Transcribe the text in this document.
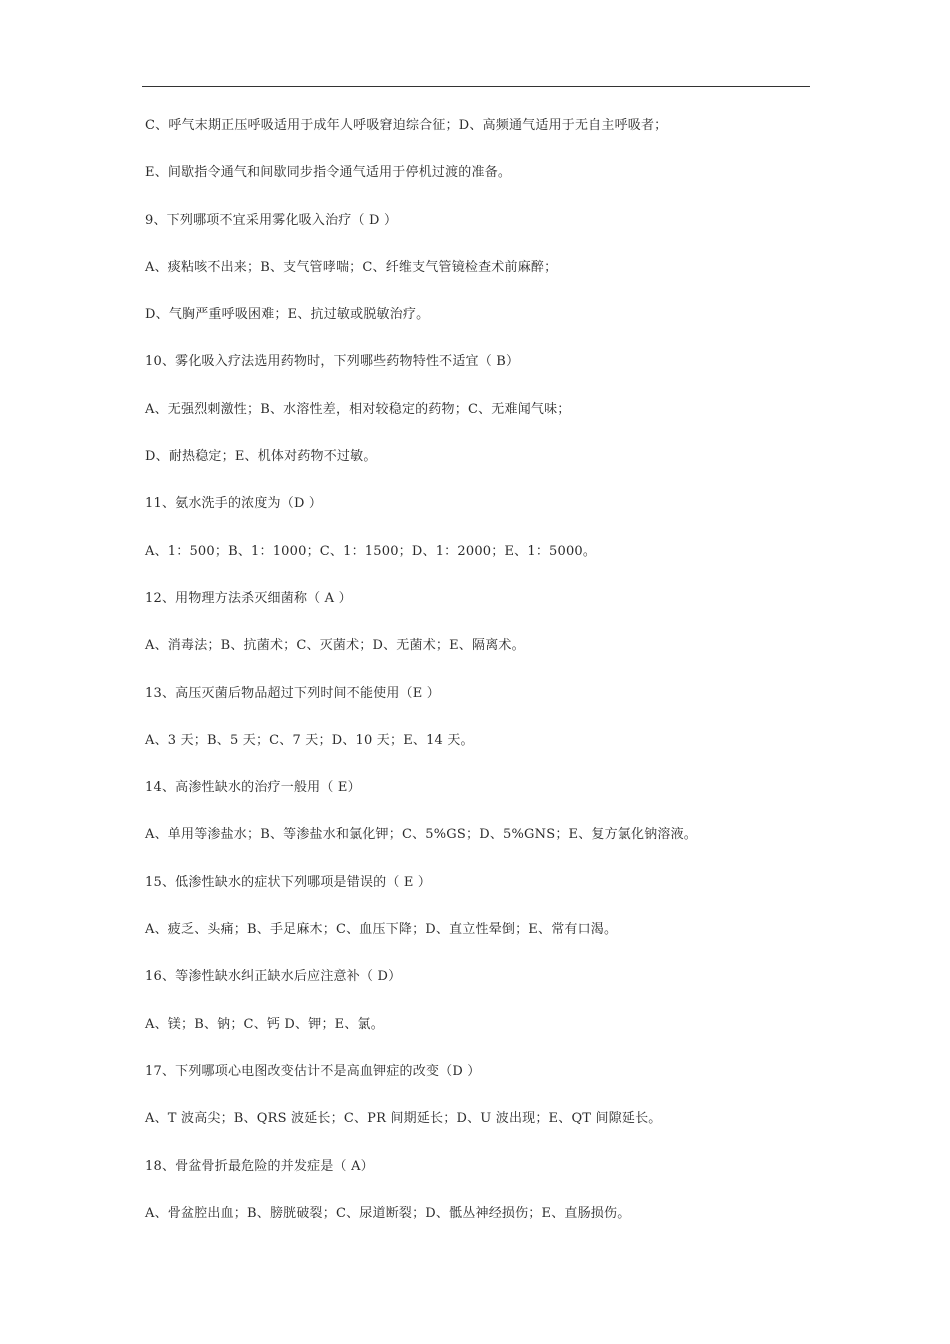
C、呼气末期正压呼吸适用于成年人呼吸窘迫综合征；D、高频通气适用于无自主呼吸者；
E、间歇指令通气和间歇同步指令通气适用于停机过渡的准备。
9、下列哪项不宜采用雾化吸入治疗（ D ）
A、痰粘咳不出来；B、支气管哮喘；C、纤维支气管镜检查术前麻醉；
D、气胸严重呼吸困难；E、抗过敏或脱敏治疗。
10、雾化吸入疗法选用药物时，下列哪些药物特性不适宜（ B）
A、无强烈刺激性；B、水溶性差，相对较稳定的药物；C、无难闻气味；
D、耐热稳定；E、机体对药物不过敏。
11、氨水洗手的浓度为（D ）
A、1：500；B、1：1000；C、1：1500；D、1：2000；E、1：5000。
12、用物理方法杀灭细菌称（ A ）
A、消毒法；B、抗菌术；C、灭菌术；D、无菌术；E、隔离术。
13、高压灭菌后物品超过下列时间不能使用（E ）
A、3 天；B、5 天；C、7 天；D、10 天；E、14 天。
14、高渗性缺水的治疗一般用（ E）
A、单用等渗盐水；B、等渗盐水和氯化钾；C、5%GS；D、5%GNS；E、复方氯化钠溶液。
15、低渗性缺水的症状下列哪项是错误的（ E ）
A、疲乏、头痛；B、手足麻木；C、血压下降；D、直立性晕倒；E、常有口渴。
16、等渗性缺水纠正缺水后应注意补（ D）
A、镁；B、钠；C、钙 D、钾；E、氯。
17、下列哪项心电图改变估计不是高血钾症的改变（D ）
A、T 波高尖；B、QRS 波延长；C、PR 间期延长；D、U 波出现；E、QT 间隙延长。
18、骨盆骨折最危险的并发症是（ A）
A、骨盆腔出血；B、膀胱破裂；C、尿道断裂；D、骶丛神经损伤；E、直肠损伤。
